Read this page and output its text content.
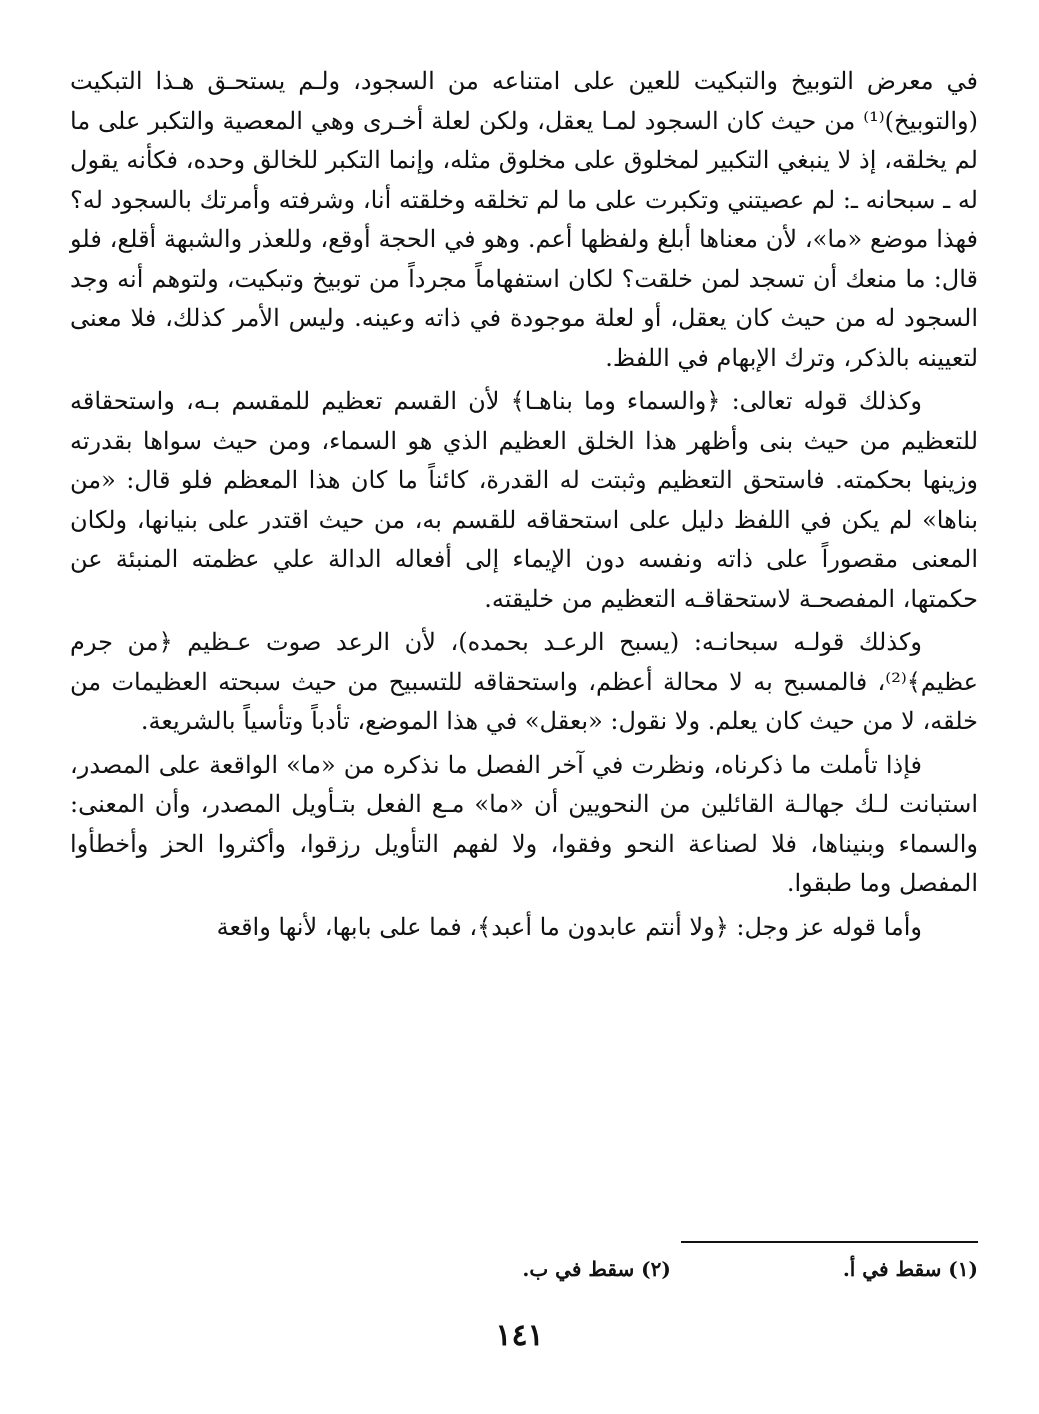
في معرض التوبيخ والتبكيت للعين على امتناعه من السجود، ولـم يستحـق هـذا التبكيت (والتوبيخ)⁽¹⁾ من حيث كان السجود لمـا يعقل، ولكن لعلة أخـرى وهي المعصية والتكبر على ما لم يخلقه، إذ لا ينبغي التكبير لمخلوق على مخلوق مثله، وإنما التكبر للخالق وحده، فكأنه يقول له ـ سبحانه ـ: لم عصيتني وتكبرت على ما لم تخلقه وخلقته أنا، وشرفته وأمرتك بالسجود له؟ فهذا موضع «ما»، لأن معناها أبلغ ولفظها أعم. وهو في الحجة أوقع، وللعذر والشبهة أقلع، فلو قال: ما منعك أن تسجد لمن خلقت؟ لكان استفهاماً مجرداً من توبيخ وتبكيت، ولتوهم أنه وجد السجود له من حيث كان يعقل، أو لعلة موجودة في ذاته وعينه. وليس الأمر كذلك، فلا معنى لتعيينه بالذكر، وترك الإبهام في اللفظ.

وكذلك قوله تعالى: ﴿والسماء وما بناهـا﴾ لأن القسم تعظيم للمقسم بـه، واستحقاقه للتعظيم من حيث بنى وأظهر هذا الخلق العظيم الذي هو السماء، ومن حيث سواها بقدرته وزينها بحكمته. فاستحق التعظيم وثبتت له القدرة، كائناً ما كان هذا المعظم فلو قال: «من بناها» لم يكن في اللفظ دليل على استحقاقه للقسم به، من حيث اقتدر على بنيانها، ولكان المعنى مقصوراً على ذاته ونفسه دون الإيماء إلى أفعاله الدالة علي عظمته المنبئة عن حكمتها، المفصحـة لاستحقاقـه التعظيم من خليقته.

وكذلك قولـه سبحانـه: (يسبح الرعـد بحمده)، لأن الرعد صوت عـظيم ﴿من جرم عظيم﴾⁽²⁾، فالمسبح به لا محالة أعظم، واستحقاقه للتسبيح من حيث سبحته العظيمات من خلقه، لا من حيث كان يعلم. ولا نقول: «بعقل» في هذا الموضع، تأدباً وتأسياً بالشريعة.

فإذا تأملت ما ذكرناه، ونظرت في آخر الفصل ما نذكره من «ما» الواقعة على المصدر، استبانت لـك جهالـة القائلين من النحويين أن «ما» مـع الفعل بتـأويل المصدر، وأن المعنى: والسماء وبنيناها، فلا لصناعة النحو وفقوا، ولا لفهم التأويل رزقوا، وأكثروا الحز وأخطأوا المفصل وما طبقوا.

وأما قوله عز وجل: ﴿ولا أنتم عابدون ما أعبد﴾، فما على بابها، لأنها واقعة

(١) سقط في أ. (٢) سقط في ب.
١٤١
